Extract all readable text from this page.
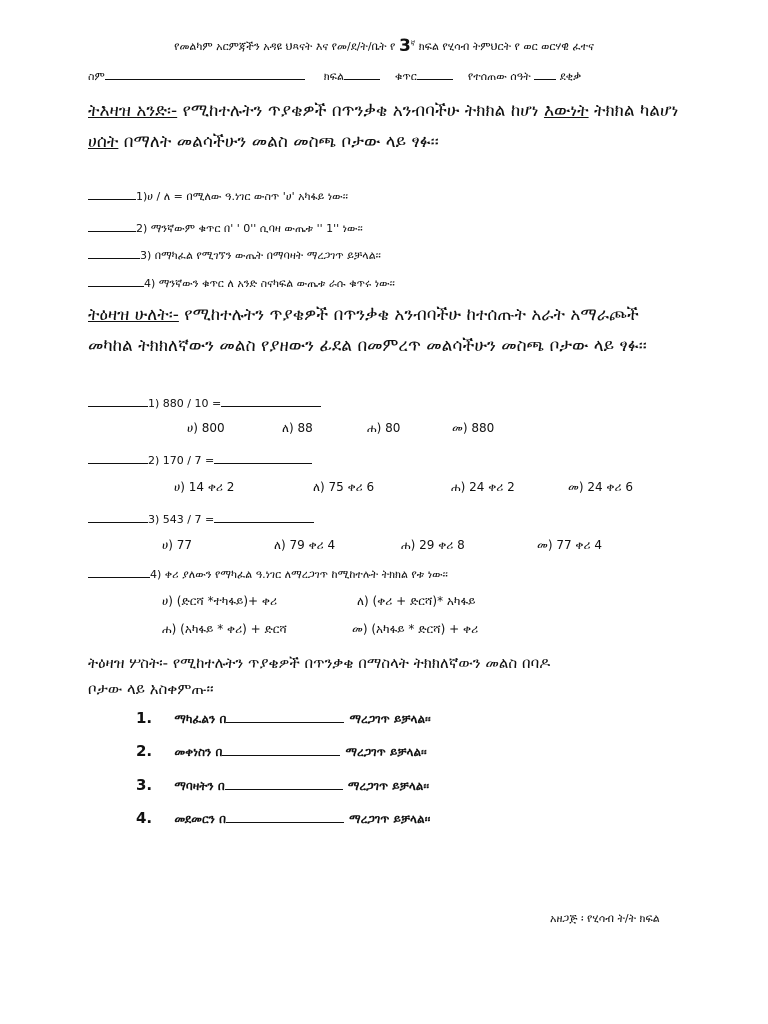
የመልካም አርምጃችን አዳዩ ህጻናት እና የመ/ደ/ት/ቤት የ $3^ኛ$ ክፍል የሂሳብ ትምህርት የ ወር ወርሃዊ ፈተና
ስም	ክፍል	ቁጥር	የተሰጠው ሰዓት	ደቂቃ
ትእዛዝ አንድ፡- የሚከተሉትን ጥያቄዎች በጥንቃቄ አንብባችሁ ትክክል ከሆነ እውነት ትክክል ካልሆነ ሀሰት በማለት መልሳችሁን መልስ መስጫ ቦታው ላይ ፃፉ፡፡
1)ሀ / ለ = በሚለው ዓ.ነገር ውስጥ 'ሀ' አካፋይ ነው፡፡
2) ማንኛውም ቁጥር በ' ' 0'' ሲባዛ ውጤቱ '' 1'' ነው፡፡
3) በማካፈል የሚገኘን ውጤት በማባዛት ማረጋገጥ ይቻላል፡፡
4) ማንኛውን ቁጥር ለ አንድ ስናካፍል ውጤቱ ራሱ ቁጥሩ ነው፡፡
ትዕዛዝ ሁለት፡- የሚከተሉትን ጥያቄዎች በጥንቃቄ አንብባችሁ ከተሰጡት አራት አማራጮች መካከል ትክክለኛውን መልስ የያዘውን ፊደል በመምረጥ መልሳችሁን መስጫ ቦታው ላይ ፃፉ፡፡
1) 880 / 10 =
ሀ) 800	ለ) 88	ሐ) 80	መ) 880
2) 170 / 7 =
ሀ) 14 ቀሪ 2	ለ) 75 ቀሪ 6	ሐ) 24 ቀሪ 2	መ) 24 ቀሪ 6
3) 543 / 7 =
ሀ) 77	ለ) 79 ቀሪ 4	ሐ) 29 ቀሪ 8	መ) 77 ቀሪ 4
4) ቀሪ ያለውን የማካፈል ዓ.ነገር ለማረጋገጥ ከሚከተሉት ትክክል የቱ ነው፡፡
ሀ) (ድርሻ *ተካፋይ)+ ቀሪ	ለ) (ቀሪ + ድርሻ)* አካፋይ
ሐ) (አካፋይ * ቀሪ) + ድርሻ	መ) (አካፋይ * ድርሻ) + ቀሪ
ትዕዛዝ ሦስት፡- የሚከተሉትን ጥያቄዎች በጥንቃቄ በማስላት ትክክለኛውን መልስ በባዶ
ቦታው ላይ አስቀምጡ፡፡
1. ማካፈልን በ	ማረጋገጥ ይቻላል፡፡
2. መቀነስን በ	ማረጋገጥ ይቻላል፡፡
3. ማባዛትን በ	ማረጋገጥ ይቻላል፡፡
4. መደመርን በ	ማረጋገጥ ይቻላል፡፡
አዘጋጅ ፡ የሂሳብ ት/ት ክፍል
